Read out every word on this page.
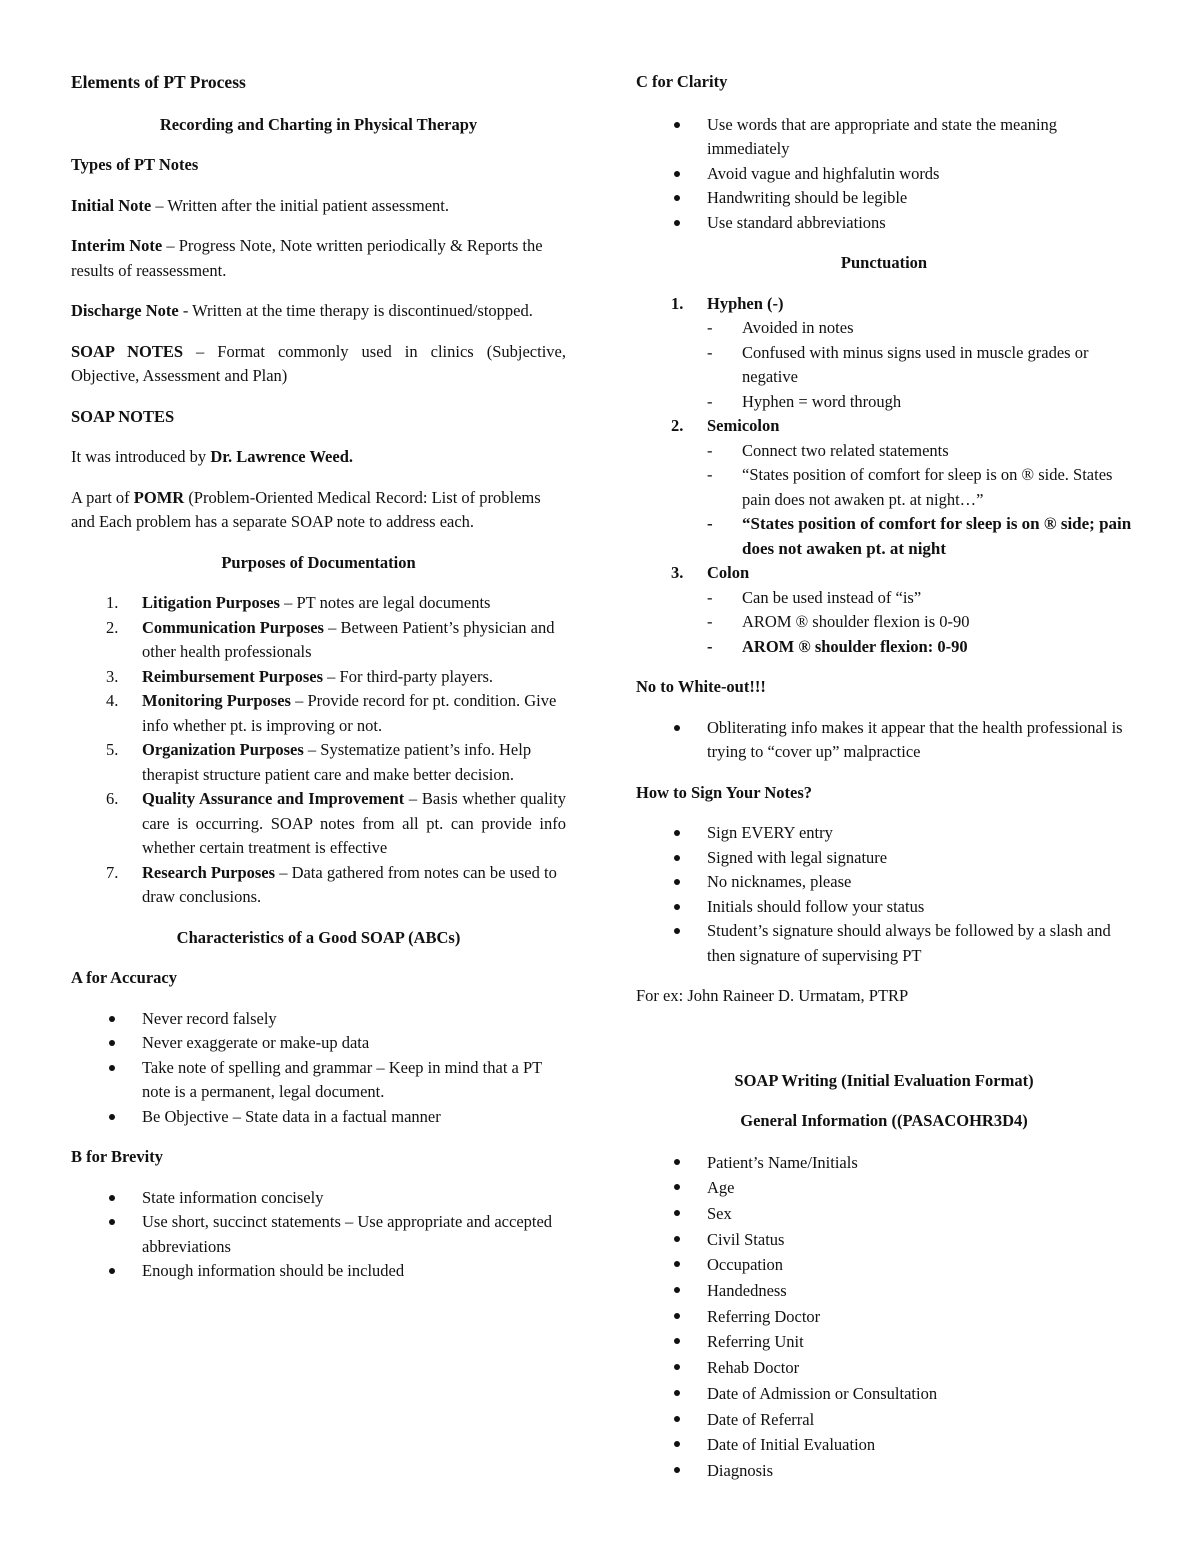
Elements of PT Process

Recording and Charting in Physical Therapy

Types of PT Notes

Initial Note – Written after the initial patient assessment.

Interim Note – Progress Note, Note written periodically & Reports the results of reassessment.

Discharge Note - Written at the time therapy is discontinued/stopped.

SOAP NOTES – Format commonly used in clinics (Subjective, Objective, Assessment and Plan)

SOAP NOTES

It was introduced by Dr. Lawrence Weed.

A part of POMR (Problem-Oriented Medical Record: List of problems and Each problem has a separate SOAP note to address each.

Purposes of Documentation

1.	Litigation Purposes – PT notes are legal documents
2.	Communication Purposes – Between Patient’s physician and other health professionals
3.	Reimbursement Purposes – For third-party players.
4.	Monitoring Purposes – Provide record for pt. condition. Give info whether pt. is improving or not.
5.	Organization Purposes – Systematize patient’s info. Help therapist structure patient care and make better decision.
6.	Quality Assurance and Improvement – Basis whether quality care is occurring. SOAP notes from all pt. can provide info whether certain treatment is effective
7.	Research Purposes – Data gathered from notes can be used to draw conclusions.

Characteristics of a Good SOAP (ABCs)

A for Accuracy

Never record falsely
Never exaggerate or make-up data
Take note of spelling and grammar – Keep in mind that a PT note is a permanent, legal document.
Be Objective – State data in a factual manner

B for Brevity

State information concisely
Use short, succinct statements – Use appropriate and accepted abbreviations
Enough information should be included

C for Clarity

Use words that are appropriate and state the meaning immediately
Avoid vague and highfalutin words
Handwriting should be legible
Use standard abbreviations

Punctuation

1.	Hyphen (-)
- Avoided in notes
- Confused with minus signs used in muscle grades or negative
- Hyphen = word through
2.	Semicolon
- Connect two related statements
- “States position of comfort for sleep is on ® side. States pain does not awaken pt. at night…”
- “States position of comfort for sleep is on ® side; pain does not awaken pt. at night
3.	Colon
- Can be used instead of “is”
- AROM ® shoulder flexion is 0-90
- AROM ® shoulder flexion: 0-90

No to White-out!!!

Obliterating info makes it appear that the health professional is trying to “cover up” malpractice

How to Sign Your Notes?

Sign EVERY entry
Signed with legal signature
No nicknames, please
Initials should follow your status
Student’s signature should always be followed by a slash and then signature of supervising PT

For ex: John Raineer D. Urmatam, PTRP

SOAP Writing (Initial Evaluation Format)

General Information ((PASACOHR3D4)

Patient’s Name/Initials
Age
Sex
Civil Status
Occupation
Handedness
Referring Doctor
Referring Unit
Rehab Doctor
Date of Admission or Consultation
Date of Referral
Date of Initial Evaluation
Diagnosis
